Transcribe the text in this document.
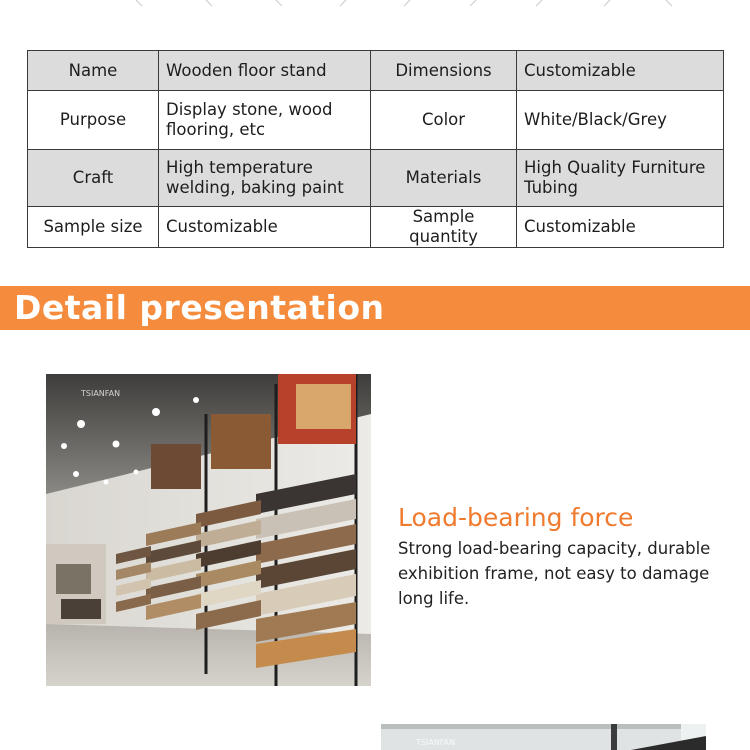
Name	Wooden floor stand	Dimensions	Customizable
Purpose	Display stone, wood flooring, etc	Color	White/Black/Grey
Craft	High temperature welding, baking paint	Materials	High Quality Furniture Tubing
Sample size	Customizable	Sample quantity	Customizable
Detail presentation
TSIANFAN
Load-bearing force
Strong load-bearing capacity, durable exhibition frame, not easy to damage long life.
TSIANFAN
